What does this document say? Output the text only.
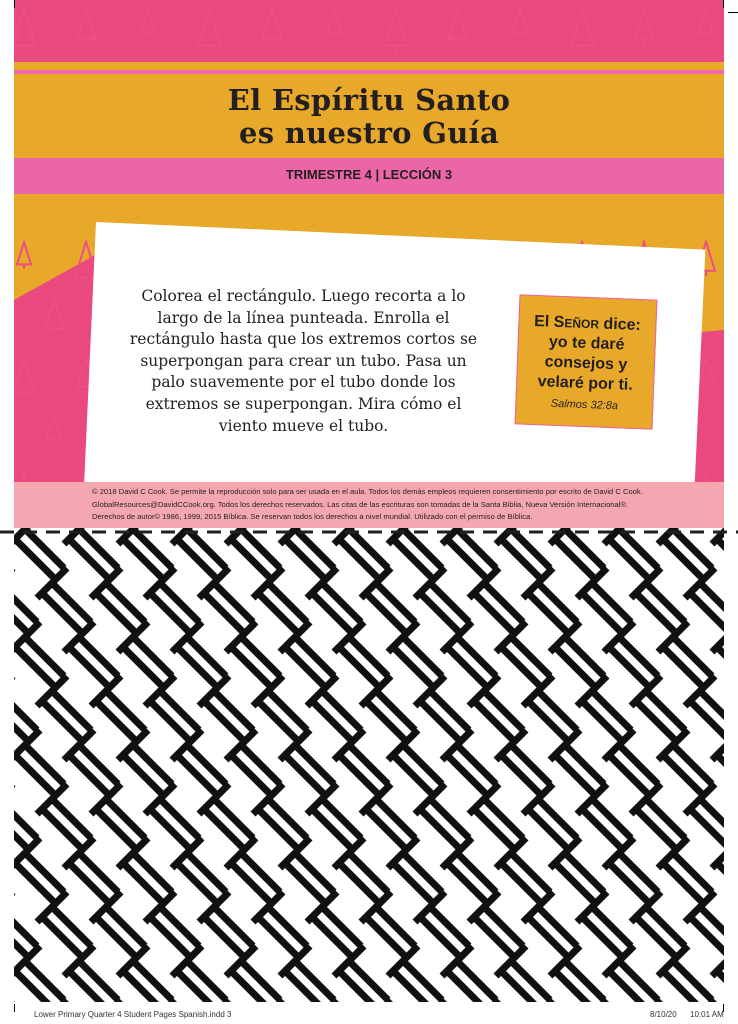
El Espíritu Santo
es nuestro Guía
TRIMESTRE 4 | LECCIÓN 3
Colorea el rectángulo. Luego recorta a lo largo de la línea punteada. Enrolla el rectángulo hasta que los extremos cortos se superpongan para crear un tubo. Pasa un palo suavemente por el tubo donde los extremos se superpongan. Mira cómo el viento mueve el tubo.
El SEÑOR dice:
yo te daré
consejos y
velaré por ti.
Salmos 32:8a
© 2018 David C Cook. Se permite la reproducción solo para ser usada en el aula. Todos los demás empleos requieren consentimiento por escrito de David C Cook.
GlobalResources@DavidCCook.org. Todos los derechos reservados. Las citas de las escrituras son tomadas de la Santa Biblia, Nueva Versión Internacional®.
Derechos de autor© 1986, 1999, 2015 Bíblica. Se reservan todos los derechos a nivel mundial. Utilizado con el permiso de Bíblica.
Lower Primary Quarter 4 Student Pages Spanish.indd 3	8/10/20 10:01 AM
